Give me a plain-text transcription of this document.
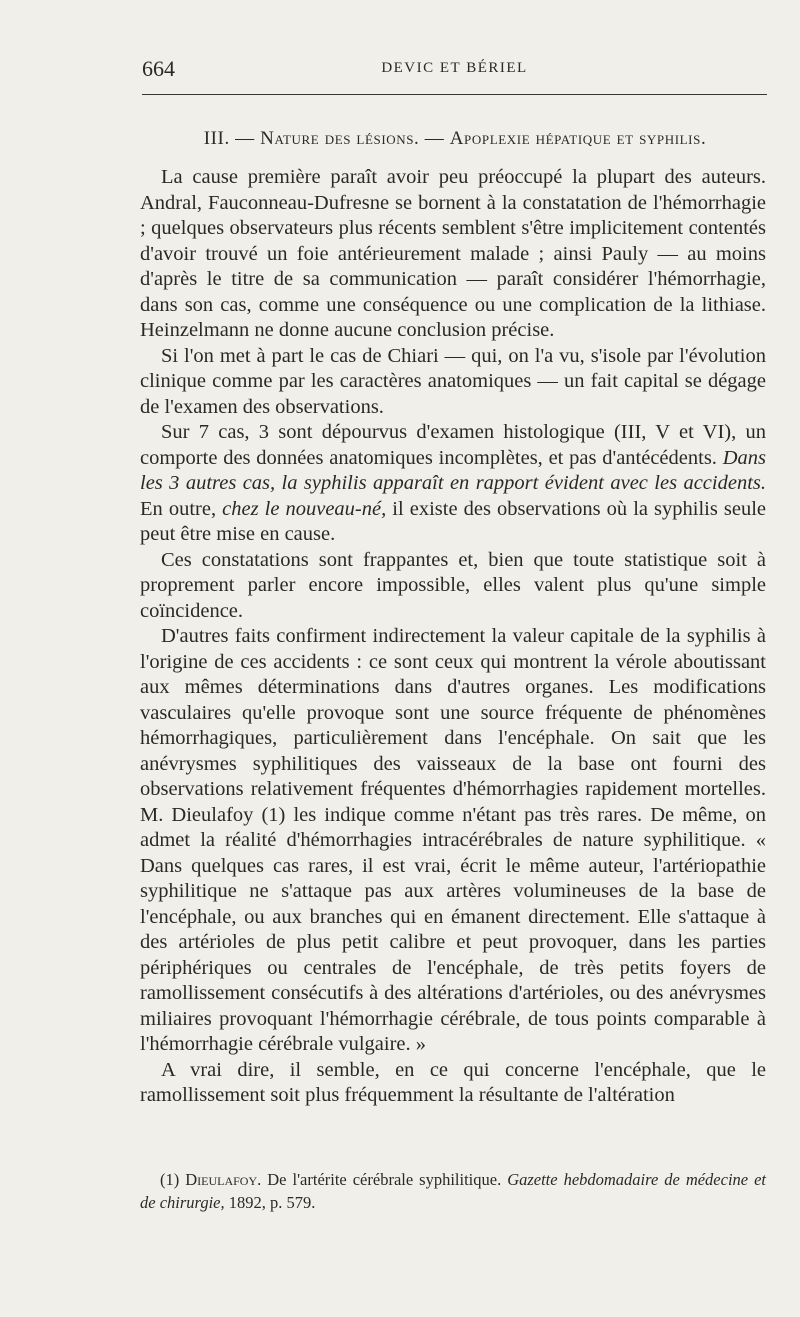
664	DEVIC ET BÉRIEL
III. — Nature des lésions. — Apoplexie hépatique et syphilis.

La cause première paraît avoir peu préoccupé la plupart des auteurs. Andral, Fauconneau-Dufresne se bornent à la constatation de l'hémorrhagie ; quelques observateurs plus récents semblent s'être implicitement contentés d'avoir trouvé un foie antérieurement malade ; ainsi Pauly — au moins d'après le titre de sa communication — paraît considérer l'hémorrhagie, dans son cas, comme une conséquence ou une complication de la lithiase. Heinzelmann ne donne aucune conclusion précise.

Si l'on met à part le cas de Chiari — qui, on l'a vu, s'isole par l'évolution clinique comme par les caractères anatomiques — un fait capital se dégage de l'examen des observations.

Sur 7 cas, 3 sont dépourvus d'examen histologique (III, V et VI), un comporte des données anatomiques incomplètes, et pas d'antécédents. Dans les 3 autres cas, la syphilis apparaît en rapport évident avec les accidents. En outre, chez le nouveau-né, il existe des observations où la syphilis seule peut être mise en cause.

Ces constatations sont frappantes et, bien que toute statistique soit à proprement parler encore impossible, elles valent plus qu'une simple coïncidence.

D'autres faits confirment indirectement la valeur capitale de la syphilis à l'origine de ces accidents : ce sont ceux qui montrent la vérole aboutissant aux mêmes déterminations dans d'autres organes. Les modifications vasculaires qu'elle provoque sont une source fréquente de phénomènes hémorrhagiques, particulièrement dans l'encéphale. On sait que les anévrysmes syphilitiques des vaisseaux de la base ont fourni des observations relativement fréquentes d'hémorrhagies rapidement mortelles. M. Dieulafoy (1) les indique comme n'étant pas très rares. De même, on admet la réalité d'hémorrhagies intracérébrales de nature syphilitique. « Dans quelques cas rares, il est vrai, écrit le même auteur, l'artériopathie syphilitique ne s'attaque pas aux artères volumineuses de la base de l'encéphale, ou aux branches qui en émanent directement. Elle s'attaque à des artérioles de plus petit calibre et peut provoquer, dans les parties périphériques ou centrales de l'encéphale, de très petits foyers de ramollissement consécutifs à des altérations d'artérioles, ou des anévrysmes miliaires provoquant l'hémorrhagie cérébrale, de tous points comparable à l'hémorrhagie cérébrale vulgaire. »

A vrai dire, il semble, en ce qui concerne l'encéphale, que le ramollissement soit plus fréquemment la résultante de l'altération

(1) Dieulafoy. De l'artérite cérébrale syphilitique. Gazette hebdomadaire de médecine et de chirurgie, 1892, p. 579.
